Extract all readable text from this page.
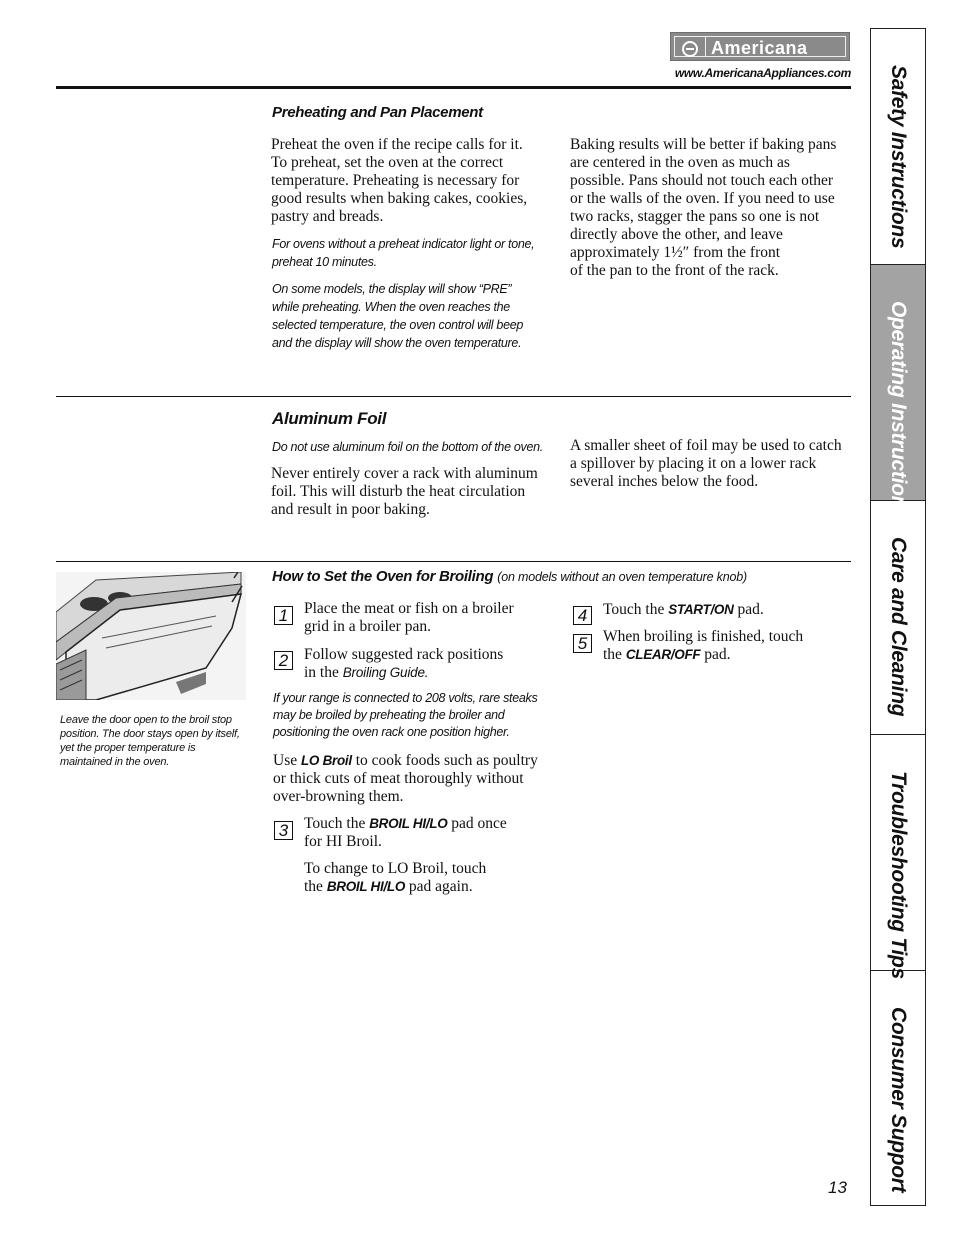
Americana
www.AmericanaAppliances.com Safety Instructions
Operating Instructions
Care and Cleaning
Troubleshooting Tips
Consumer Support
Preheating and Pan Placement
Preheat the oven if the recipe calls for it.
To preheat, set the oven at the correct
temperature. Preheating is necessary for
good results when baking cakes, cookies,
pastry and breads.
For ovens without a preheat indicator light or tone,
preheat 10 minutes.
On some models, the display will show “PRE”
while preheating. When the oven reaches the
selected temperature, the oven control will beep
and the display will show the oven temperature.
Baking results will be better if baking pans
are centered in the oven as much as
possible. Pans should not touch each other
or the walls of the oven. If you need to use
two racks, stagger the pans so one is not
directly above the other, and leave
approximately 1½″ from the front
of the pan to the front of the rack.
Aluminum Foil
Do not use aluminum foil on the bottom of the oven.
Never entirely cover a rack with aluminum
foil. This will disturb the heat circulation
and result in poor baking.
A smaller sheet of foil may be used to catch
a spillover by placing it on a lower rack
several inches below the food.
How to Set the Oven for Broiling (on models without an oven temperature knob)
Leave the door open to the broil stop
position. The door stays open by itself,
yet the proper temperature is
maintained in the oven.
1	Place the meat or fish on a broiler
grid in a broiler pan.
2	Follow suggested rack positions
in the Broiling Guide.
If your range is connected to 208 volts, rare steaks
may be broiled by preheating the broiler and
positioning the oven rack one position higher.
Use LO Broil to cook foods such as poultry
or thick cuts of meat thoroughly without
over-browning them.
3	Touch the BROIL HI/LO pad once
for HI Broil.
To change to LO Broil, touch
the BROIL HI/LO pad again.
4	Touch the START/ON pad.
5	When broiling is finished, touch
the CLEAR/OFF pad.
13
